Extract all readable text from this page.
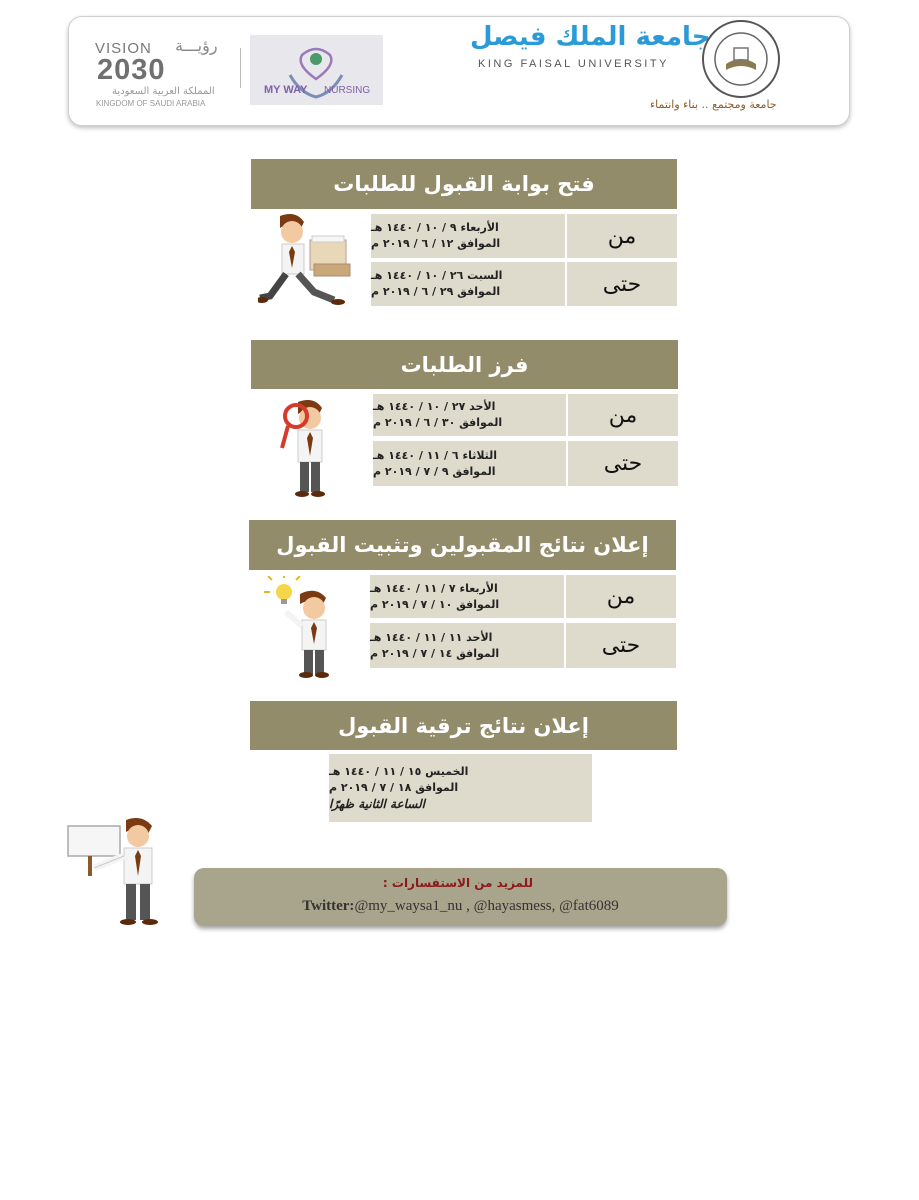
جامعة الملك فيصل
KING FAISAL UNIVERSITY
جامعة ومجتمع .. بناء وانتماء
MY WAY NURSING
VISION رؤيـــة
2030
المملكة العربية السعودية
KINGDOM OF SAUDI ARABIA
فتح بوابة القبول للطلبات
من
الأربعاء ٩ / ١٠ / ١٤٤٠ هـ
الموافق ١٢ / ٦ / ٢٠١٩ م
حتى
السبت ٢٦ / ١٠ / ١٤٤٠ هـ
الموافق ٢٩ / ٦ / ٢٠١٩ م
فرز الطلبات
من
الأحد ٢٧ / ١٠ / ١٤٤٠ هـ
الموافق ٣٠ / ٦ / ٢٠١٩ م
حتى
الثلاثاء ٦ / ١١ / ١٤٤٠ هـ
الموافق ٩ / ٧ / ٢٠١٩ م
إعلان نتائج المقبولين وتثبيت القبول
من
الأربعاء ٧ / ١١ / ١٤٤٠ هـ
الموافق ١٠ / ٧ / ٢٠١٩ م
حتى
الأحد ١١ / ١١ / ١٤٤٠ هـ
الموافق ١٤ / ٧ / ٢٠١٩ م
إعلان نتائج ترقية القبول
الخميس ١٥ / ١١ / ١٤٤٠ هـ
الموافق ١٨ / ٧ / ٢٠١٩ م
الساعة الثانية ظهرًا
للمزيد من الاستفسارات :
Twitter:@my_waysa1_nu , @hayasmess, @fat6089
